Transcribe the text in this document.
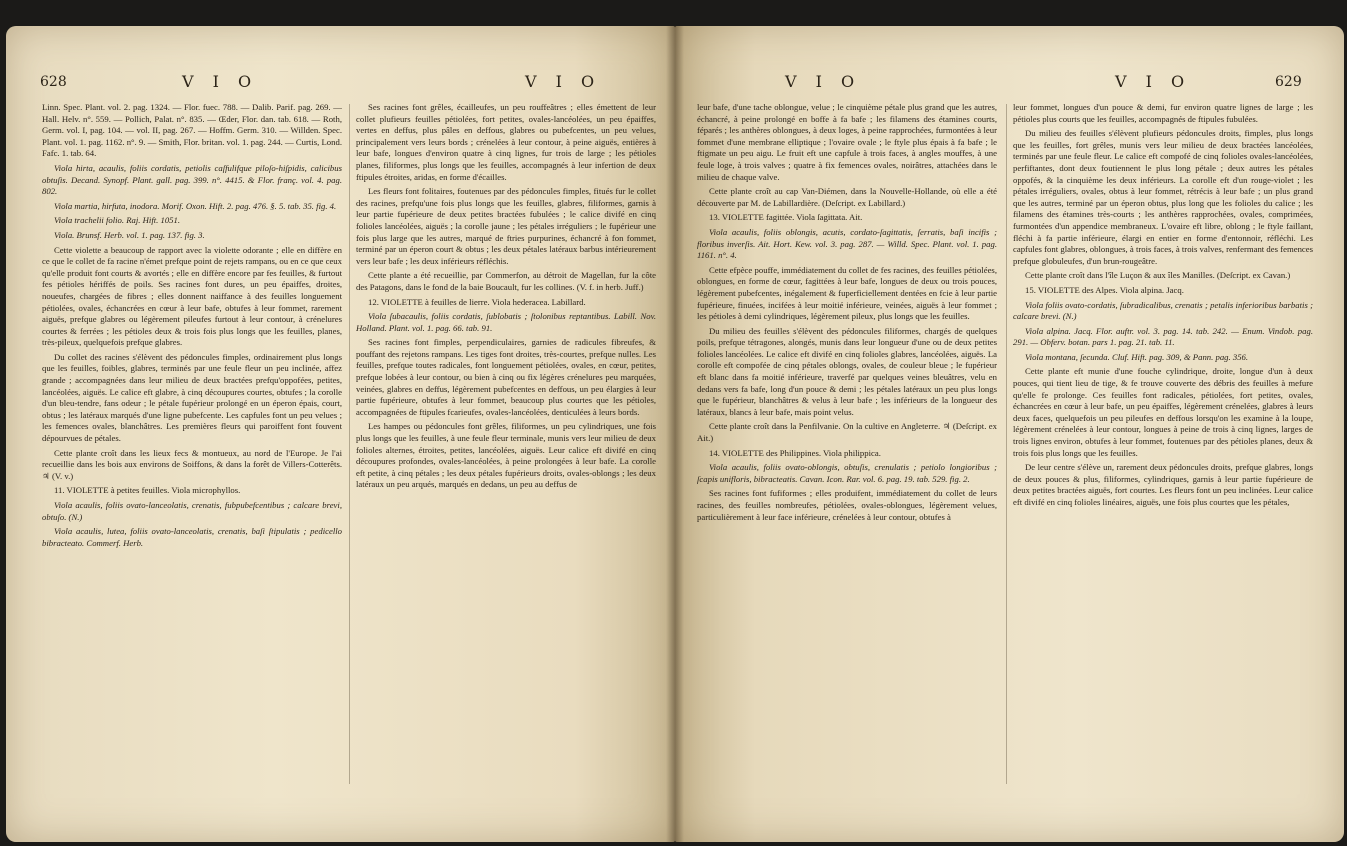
628	V I O	V I O

Linn. Spec. Plant. vol. 2. pag. 1324. — Flor. fuec. 788. — Dalib. Parif. pag. 269. — Hall. Helv. n°. 559. — Pollich, Palat. n°. 835. — Œder, Flor. dan. tab. 618. — Roth, Germ. vol. I, pag. 104. — vol. II, pag. 267. — Hoffm. Germ. 310. — Willden. Spec. Plant. vol. 1. pag. 1162. n°. 9. — Smith, Flor. britan. vol. 1. pag. 244. — Curtis, Lond. Fafc. 1. tab. 64.

Viola hirta, acaulis, foliis cordatis, petiolis caſfulifque piloſo-hiſpidis, calicibus obtuſis. Decand. Synopf. Plant. gall. pag. 399. n°. 4415. & Flor. franç. vol. 4. pag. 802.

Viola martia, hirfuta, inodora. Morif. Oxon. Hift. 2. pag. 476. §. 5. tab. 35. fig. 4.

Viola trachelii folio. Raj. Hift. 1051.

Viola. Brunsf. Herb. vol. 1. pag. 137. fig. 3.

Cette violette a beaucoup de rapport avec la violette odorante ; elle en diffère en ce que le collet de fa racine n'émet prefque point de rejets rampans, ou en ce que ceux qu'elle produit font courts & avortés ; elle en diffère encore par fes feuilles, & furtout fes pétioles hériffés de poils. Ses racines font dures, un peu épaiffes, droites, noueufes, chargées de fibres ; elles donnent naiffance à des feuilles longuement pétiolées, ovales, échancrées en cœur à leur bafe, obtufes à leur fommet, rarement aiguës, prefque glabres ou légèrement pileufes furtout à leur contour, à crénelures courtes & ferrées ; les pétioles deux & trois fois plus longs que les feuilles, planes, très-pileux, quelquefois prefque glabres.

Du collet des racines s'élèvent des pédoncules fimples, ordinairement plus longs que les feuilles, foibles, glabres, terminés par une feule fleur un peu inclinée, affez grande ; accompagnées dans leur milieu de deux bractées prefqu'oppofées, petites, lancéolées, aiguës. Le calice eft glabre, à cinq découpures courtes, obtufes ; la corolle d'un bleu-tendre, fans odeur ; le pétale fupérieur prolongé en un éperon épais, court, obtus ; les latéraux marqués d'une ligne pubefcente. Les capfules font un peu velues ; les femences ovales, blanchâtres. Les premières fleurs qui paroiffent font fouvent dépourvues de pétales.

Cette plante croît dans les lieux fecs & montueux, au nord de l'Europe. Je l'ai recueillie dans les bois aux environs de Soiffons, & dans la forêt de Villers-Cotterêts. ♃ (V. v.)

11. VIOLETTE à petites feuilles. Viola microphyllos.

Viola acaulis, foliis ovato-lanceolatis, crenatis, fubpubefcentibus ; calcare brevi, obtuſo. (N.)

Viola acaulis, lutea, foliis ovato-lanceolatis, crenatis, baſi ſtipulatis ; pedicello bibracteato. Commerf. Herb.

Ses racines font grêles, écailleufes, un peu rouffeâtres ; elles émettent de leur collet plufieurs feuilles pétiolées, fort petites, ovales-lancéolées, un peu épaiffes, vertes en deffus, plus pâles en deffous, glabres ou pubefcentes, un peu velues, principalement vers leurs bords ; crénelées à leur contour, à peine aiguës, entières à leur bafe, longues d'environ quatre à cinq lignes, fur trois de large ; les pétioles planes, filiformes, plus longs que les feuilles, accompagnés à leur infertion de deux ftipules étroites, aridas, en forme d'écailles.

Les fleurs font folitaires, foutenues par des pédoncules fimples, fitués fur le collet des racines, prefqu'une fois plus longs que les feuilles, glabres, filiformes, garnis à leur partie fupérieure de deux petites bractées fubulées ; le calice divifé en cinq folioles lancéolées, aiguës ; la corolle jaune ; les pétales irréguliers ; le fupérieur une fois plus large que les autres, marqué de ftries purpurines, échancré à fon fommet, terminé par un éperon court & obtus ; les deux pétales latéraux barbus intérieurement vers leur bafe ; les deux inférieurs réfléchis.

Cette plante a été recueillie, par Commerfon, au détroit de Magellan, fur la côte des Patagons, dans le fond de la baie Boucault, fur les collines. (V. f. in herb. Juff.)

12. VIOLETTE à feuilles de lierre. Viola hederacea. Labillard.

Viola ſubacaulis, foliis cordatis, ſublobatis ; ſtolonibus reptantibus. Labill. Nov. Holland. Plant. vol. 1. pag. 66. tab. 91.

Ses racines font fimples, perpendiculaires, garnies de radicules fibreufes, & pouffant des rejetons rampans. Les tiges font droites, très-courtes, prefque nulles. Les feuilles, prefque toutes radicales, font longuement pétiolées, ovales, en cœur, petites, prefque lobées à leur contour, ou bien à cinq ou fix légères crénelures peu marquées, veinées, glabres en deffus, légèrement pubefcentes en deffous, un peu élargies à leur partie fupérieure, obtufes à leur fommet, beaucoup plus courtes que les pétioles, accompagnées de ftipules fcarieufes, ovales-lancéolées, denticulées à leurs bords.

Les hampes ou pédoncules font grêles, filiformes, un peu cylindriques, une fois plus longs que les feuilles, à une feule fleur terminale, munis vers leur milieu de deux folioles alternes, étroites, petites, lancéolées, aiguës. Leur calice eft divifé en cinq découpures profondes, ovales-lancéolées, à peine prolongées à leur bafe. La corolle eft petite, à cinq pétales ; les deux pétales fupérieurs droits, ovales-oblongs ; les deux latéraux un peu arqués, marqués en dedans, un peu au deffus de

V I O	V I O	629

leur bafe, d'une tache oblongue, velue ; le cinquième pétale plus grand que les autres, échancré, à peine prolongé en boffe à fa bafe ; les filamens des étamines courts, féparés ; les anthères oblongues, à deux loges, à peine rapprochées, furmontées à leur fommet d'une membrane elliptique ; l'ovaire ovale ; le ftyle plus épais à fa bafe ; le ftigmate un peu aigu. Le fruit eft une capfule à trois faces, à angles mouffes, à une feule loge, à trois valves ; quatre à fix femences ovales, noirâtres, attachées dans le milieu de chaque valve.

Cette plante croît au cap Van-Diémen, dans la Nouvelle-Hollande, où elle a été découverte par M. de Labillardière. (Deſcript. ex Labillard.)

13. VIOLETTE fagittée. Viola ſagittata. Ait.

Viola acaulis, foliis oblongis, acutis, cordato-ſagittatis, ſerratis, baſi incifis ; floribus inverſis. Ait. Hort. Kew. vol. 3. pag. 287. — Willd. Spec. Plant. vol. 1. pag. 1161. n°. 4.

Cette efpèce pouffe, immédiatement du collet de fes racines, des feuilles pétiolées, oblongues, en forme de cœur, fagittées à leur bafe, longues de deux ou trois pouces, légèrement pubefcentes, inégalement & fuperficiellement dentées en fcie à leur partie fupérieure, finuées, incifées à leur moitié inférieure, veinées, aiguës à leur fommet ; les pétioles à demi cylindriques, légèrement pileux, plus longs que les feuilles.

Du milieu des feuilles s'élèvent des pédoncules filiformes, chargés de quelques poils, prefque tétragones, alongés, munis dans leur longueur d'une ou de deux petites folioles lancéolées. Le calice eft divifé en cinq folioles glabres, lancéolées, aiguës. La corolle eft compofée de cinq pétales oblongs, ovales, de couleur bleue ; le fupérieur eft blanc dans fa moitié inférieure, traverfé par quelques veines bleuâtres, velu en dedans vers fa bafe, long d'un pouce & demi ; les pétales latéraux un peu plus longs que le fupérieur, blanchâtres & velus à leur bafe ; les inférieurs de la longueur des latéraux, blancs à leur bafe, mais point velus.

Cette plante croît dans la Penfilvanie. On la cultive en Angleterre. ♃ (Deſcript. ex Ait.)

14. VIOLETTE des Philippines. Viola philippica.

Viola acaulis, foliis ovato-oblongis, obtuſis, crenulatis ; petiolo longioribus ; ſcapis unifloris, bibracteatis. Cavan. Icon. Rar. vol. 6. pag. 19. tab. 529. fig. 2.

Ses racines font fufiformes ; elles produifent, immédiatement du collet de leurs racines, des feuilles nombreufes, pétiolées, ovales-oblongues, légèrement velues, particulièrement à leur face inférieure, crénelées à leur contour, obtufes à

leur fommet, longues d'un pouce & demi, fur environ quatre lignes de large ; les pétioles plus courts que les feuilles, accompagnés de ftipules fubulées.

Du milieu des feuilles s'élèvent plufieurs pédoncules droits, fimples, plus longs que les feuilles, fort grêles, munis vers leur milieu de deux bractées lancéolées, terminés par une feule fleur. Le calice eft compofé de cinq folioles ovales-lancéolées, perfiftantes, dont deux foutiennent le plus long pétale ; deux autres les pétales oppofés, & la cinquième les deux inférieurs. La corolle eft d'un rouge-violet ; les pétales irréguliers, ovales, obtus à leur fommet, rétrécis à leur bafe ; un plus grand que les autres, terminé par un éperon obtus, plus long que les folioles du calice ; les filamens des étamines très-courts ; les anthères rapprochées, ovales, comprimées, furmontées d'un appendice membraneux. L'ovaire eft libre, oblong ; le ftyle faillant, fléchi à fa partie inférieure, élargi en entier en forme d'entonnoir, réfléchi. Les capfules font glabres, oblongues, à trois faces, à trois valves, renfermant des femences prefque globuleufes, d'un brun-rougeâtre.

Cette plante croît dans l'île Luçon & aux îles Manilles. (Deſcript. ex Cavan.)

15. VIOLETTE des Alpes. Viola alpina. Jacq.

Viola foliis ovato-cordatis, ſubradicalibus, crenatis ; petalis inferioribus barbatis ; calcare brevi. (N.)

Viola alpina. Jacq. Flor. auftr. vol. 3. pag. 14. tab. 242. — Enum. Vindob. pag. 291. — Obferv. botan. pars 1. pag. 21. tab. 11.

Viola montana, ſecunda. Cluf. Hift. pag. 309, & Pann. pag. 356.

Cette plante eft munie d'une fouche cylindrique, droite, longue d'un à deux pouces, qui tient lieu de tige, & fe trouve couverte des débris des feuilles à mefure qu'elle fe prolonge. Ces feuilles font radicales, pétiolées, fort petites, ovales, échancrées en cœur à leur bafe, un peu épaiffes, légèrement crénelées, glabres à leurs deux faces, quelquefois un peu pileufes en deffous lorsqu'on les examine à la loupe, légèrement crénelées à leur contour, longues à peine de trois à cinq lignes, larges de trois lignes environ, obtufes à leur fommet, foutenues par des pétioles planes, deux & trois fois plus longs que les feuilles.

De leur centre s'élève un, rarement deux pédoncules droits, prefque glabres, longs de deux pouces & plus, filiformes, cylindriques, garnis à leur partie fupérieure de deux petites bractées aiguës, fort courtes. Les fleurs font un peu inclinées. Leur calice eft divifé en cinq folioles linéaires, aiguës, une fois plus courtes que les pétales,
